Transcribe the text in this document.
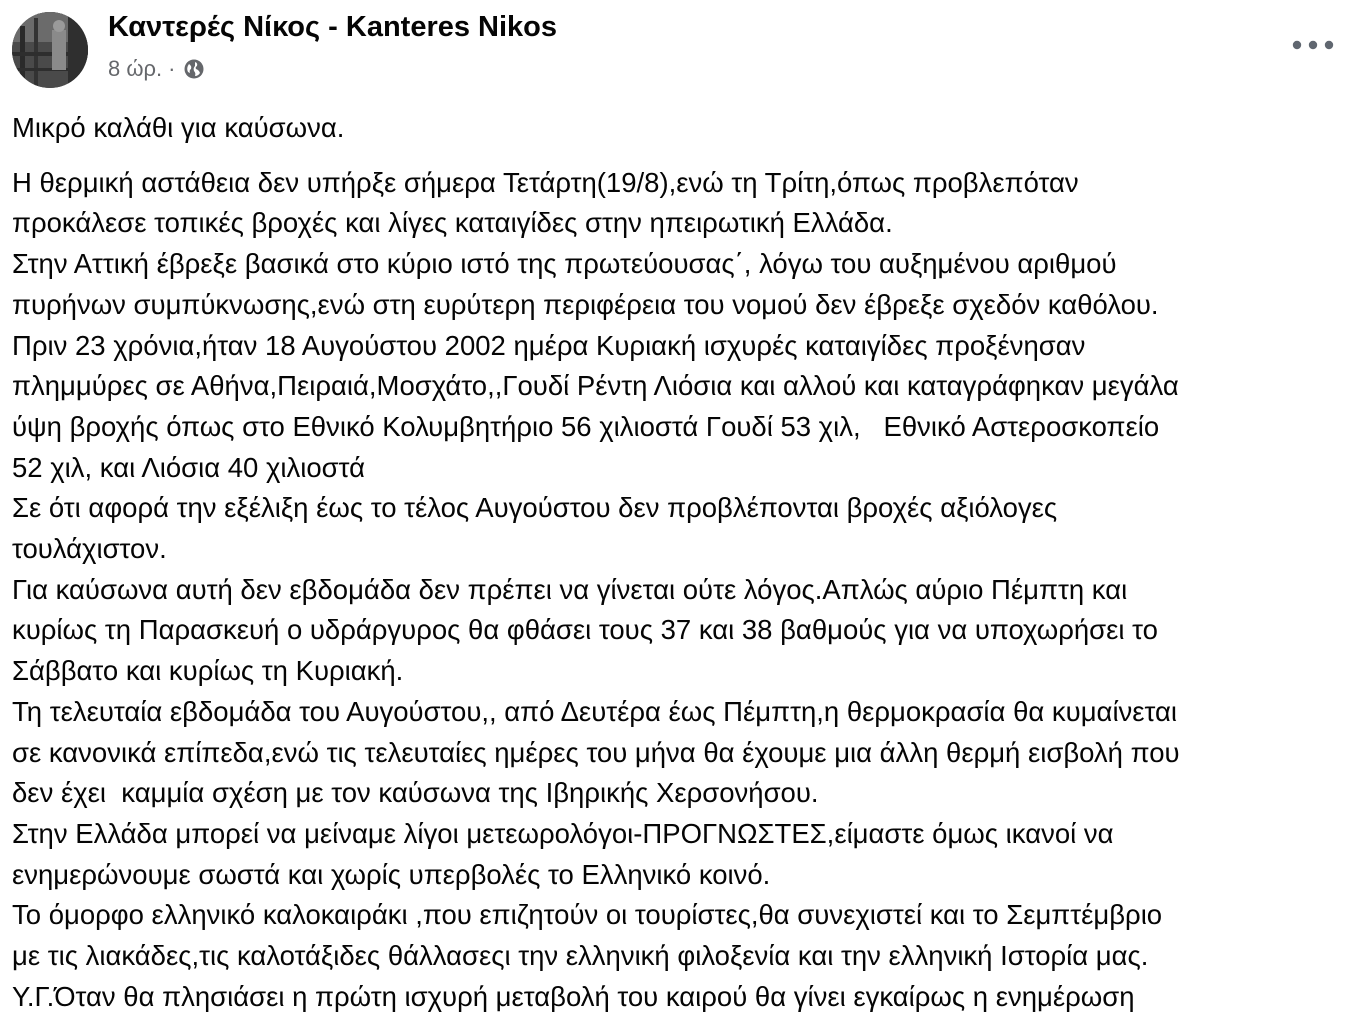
Καντερές Νίκος - Kanteres Nikos
8 ώρ. ·

Μικρό καλάθι για καύσωνα.

Η θερμική αστάθεια δεν υπήρξε σήμερα Τετάρτη(19/8),ενώ τη Τρίτη,όπως προβλεπόταν
προκάλεσε τοπικές βροχές και λίγες καταιγίδες στην ηπειρωτική Ελλάδα.
Στην Αττική έβρεξε βασικά στο κύριο ιστό της πρωτεύουσας΄, λόγω του αυξημένου αριθμού
πυρήνων συμπύκνωσης,ενώ στη ευρύτερη περιφέρεια του νομού δεν έβρεξε σχεδόν καθόλου.
Πριν 23 χρόνια,ήταν 18 Αυγούστου 2002 ημέρα Κυριακή ισχυρές καταιγίδες προξένησαν
πλημμύρες σε Αθήνα,Πειραιά,Μοσχάτο,,Γουδί Ρέντη Λιόσια και αλλού και καταγράφηκαν μεγάλα
ύψη βροχής όπως στο Εθνικό Κολυμβητήριο 56 χιλιοστά Γουδί 53 χιλ,   Εθνικό Αστεροσκοπείο
52 χιλ, και Λιόσια 40 χιλιοστά
Σε ότι αφορά την εξέλιξη έως το τέλος Αυγούστου δεν προβλέπονται βροχές αξιόλογες
τουλάχιστον.
Για καύσωνα αυτή δεν εβδομάδα δεν πρέπει να γίνεται ούτε λόγος.Απλώς αύριο Πέμπτη και
κυρίως τη Παρασκευή ο υδράργυρος θα φθάσει τους 37 και 38 βαθμούς για να υποχωρήσει το
Σάββατο και κυρίως τη Κυριακή.
Τη τελευταία εβδομάδα του Αυγούστου,, από Δευτέρα έως Πέμπτη,η θερμοκρασία θα κυμαίνεται
σε κανονικά επίπεδα,ενώ τις τελευταίες ημέρες του μήνα θα έχουμε μια άλλη θερμή εισβολή που
δεν έχει  καμμία σχέση με τον καύσωνα της Ιβηρικής Χερσονήσου.
Στην Ελλάδα μπορεί να μείναμε λίγοι μετεωρολόγοι-ΠΡΟΓΝΩΣΤΕΣ,είμαστε όμως ικανοί να
ενημερώνουμε σωστά και χωρίς υπερβολές το Ελληνικό κοινό.
Το όμορφο ελληνικό καλοκαιράκι ,που επιζητούν οι τουρίστες,θα συνεχιστεί και το Σεμπτέμβριο
με τις λιακάδες,τις καλοτάξιδες θάλλασεςι την ελληνική φιλοξενία και την ελληνική Ιστορία μας.
Υ.Γ.Όταν θα πλησιάσει η πρώτη ισχυρή μεταβολή του καιρού θα γίνει εγκαίρως η ενημέρωση
